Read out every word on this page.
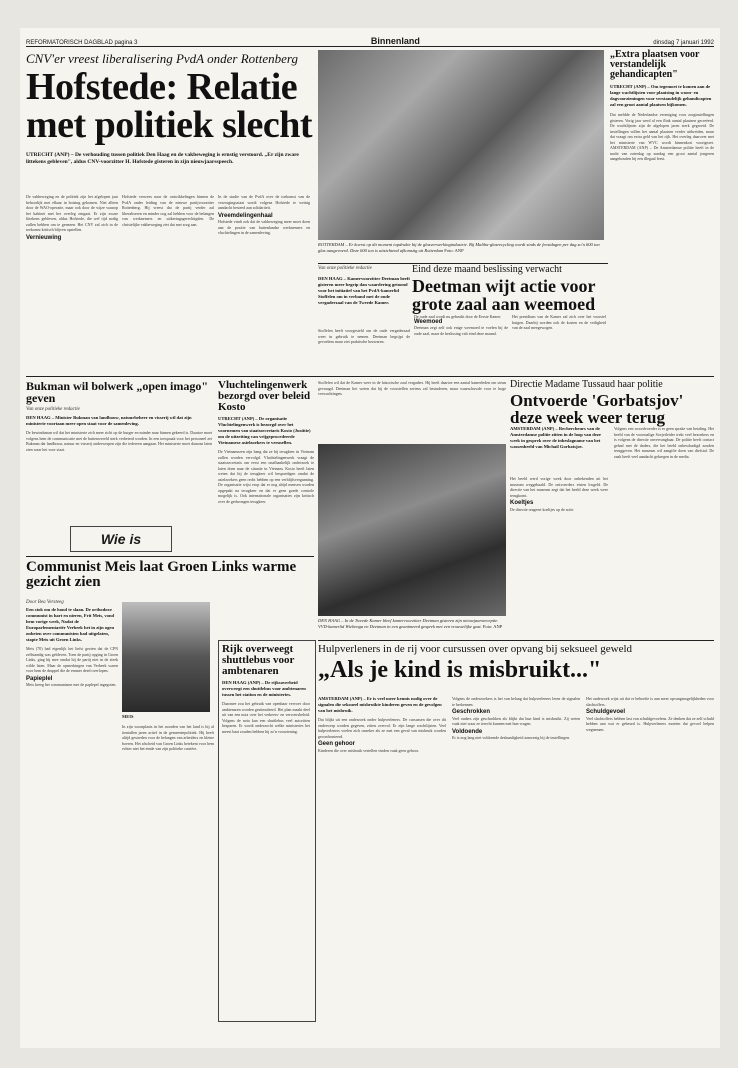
REFORMATORISCH DAGBLAD pagina 3	Binnenland	dinsdag 7 januari 1992
CNV'er vreest liberalisering PvdA onder Rottenberg
Hofstede: Relatie met politiek slecht
UTRECHT (ANP) – De verhouding tussen politiek Den Haag en de vakbeweging is ernstig verstoord. „Er zijn zware littekens gebleven", aldus CNV-voorzitter H. Hofstede gisteren in zijn nieuwjaarsspeech.
De vakbeweging en de politiek zijn het afgelopen jaar behoorlijk met elkaar in botsing gekomen. Niet alleen door de WAO-operatie, maar ook door de wijze waarop het kabinet met het overleg omgaat. Er zijn zware littekens gebleven, aldus Hofstede, die wel tijd nodig zullen hebben om te genezen. Het CNV zal zich in de toekomst kritisch blijven opstellen.
Vernieuwing
Hofstede verwees naar de ontwikkelingen binnen de PvdA onder leiding van de nieuwe partijvoorzitter Rottenberg. Hij vreest dat de partij verder zal liberaliseren en minder oog zal hebben voor de belangen van werknemers en uitkeringsgerechtigden. De christelijke vakbeweging ziet dat met zorg aan.
In de studie van de PvdA over de toekomst van de verzorgingsstaat wordt volgens Hofstede te weinig aandacht besteed aan solidariteit.
Vreemdelingenhaal
Hofstede vindt ook dat de vakbeweging meer moet doen aan de positie van buitenlandse werknemers en vluchtelingen in de samenleving.
ROTTERDAM – Er koerst op dit moment topdrukte bij de glasverwerkingindustrie. Bij Maltha-glasrecycling wordt sinds de feestdagen per dag zo'n 600 ton glas aangevoerd. Deze 600 ton is uitzichtend afkomstig uit Rotterdam Foto: ANP
„Extra plaatsen voor verstandelijk gehandicapten"
UTRECHT (ANP) – Om tegemoet te komen aan de lange wachtlijsten voor plaatsing in woon- en dagvoorzieningen voor verstandelijk gehandicapten zal een groot aantal plaatsen bijkomen.
Dat meldde de Nederlandse vereniging voor zorginstellingen gisteren. Vorig jaar werd al een flink aantal plaatsen gecreëerd. De wachtlijsten zijn de afgelopen jaren sterk gegroeid. De instellingen willen het aantal plaatsen verder uitbreiden, maar dat vraagt om extra geld van het rijk. Het overleg daarover met het ministerie van WVC wordt binnenkort voortgezet. AMSTERDAM (ANP) – De Amsterdamse politie heeft in de nacht van zaterdag op zondag een groot aantal jongeren aangehouden bij een illegaal feest.
Van onze politieke redactie	Eind deze maand beslissing verwacht
Deetman wijt actie voor grote zaal aan weemoed
DEN HAAG – Kamervoorzitter Deetman heeft gisteren meer begrip dan waardering getoond voor het initiatief van het PvdA-kamerlid Stoffelen om in verband met de oude vergaderzaal van de Tweede Kamer.
Stoffelen heeft voorgesteld om de oude vergaderzaal weer in gebruik te nemen. Deetman begrijpt de gevoelens maar ziet praktische bezwaren.
De oude zaal wordt nu gebruikt door de Eerste Kamer.
Weemoed
Deetman zegt zelf ook enige weemoed te voelen bij de oude zaal, maar de beslissing valt eind deze maand.
Het presidium van de Kamer zal zich over het voorstel buigen. Daarbij worden ook de kosten en de veiligheid van de zaal meegewogen.
Bukman wil bolwerk „open imago" geven
Van onze politieke redactie
DEN HAAG – Minister Bukman van landbouw, natuurbeheer en visserij wil dat zijn ministerie voortaan meer open staat voor de samenleving.
De bewindsman wil dat het ministerie zich meer richt op de burger en minder naar binnen gekeerd is. Daartoe moet volgens hem de communicatie met de buitenwereld sterk verbeterd worden. In een toespraak voor het personeel zei Bukman dat landbouw, natuur en visserij onderwerpen zijn die iedereen aangaan. Het ministerie moet daarom laten zien waar het voor staat.
Vluchtelingenwerk bezorgd over beleid Kosto
UTRECHT (ANP) – De organisatie Vluchtelingenwerk is bezorgd over het voornemen van staatssecretaris Kosto (Justitie) om de uitzetting van vrijgeprocedeerde Vietnamese asielzoekers te versnellen.
De Vietnamezen zijn bang dat ze bij terugkeer in Vietnam zullen worden vervolgd. Vluchtelingenwerk vraagt de staatssecretaris om eerst een onafhankelijk onderzoek te laten doen naar de situatie in Vietnam. Kosto heeft laten weten dat hij de terugkeer wil bespoedigen omdat de asielzoekers geen recht hebben op een verblijfsvergunning. De organisatie wijst erop dat er nog altijd mensen worden opgepakt na terugkeer en dat er geen goede controle mogelijk is. Ook internationale organisaties zijn kritisch over de gedwongen terugkeer.
DEN HAAG – In de Tweede Kamer bleef kamervoorzitter Deetman gisteren zijn nieuwjaarsreceptie. VVD-kamerlid Wiebenga en Deetman in een geanimeerd gesprek met een vrouwelijke gast. Foto: ANP
Stoffelen wil dat de Kamer weer in de historische zaal vergadert. Hij heeft daartoe een aantal kamerleden om steun gevraagd. Deetman liet weten dat hij de voorstellen serieus zal bestuderen, maar waarschuwde voor te hoge verwachtingen.
Directie Madame Tussaud haar politie
Ontvoerde 'Gorbatsjov' deze week weer terug
AMSTERDAM (ANP) – Rechercheurs van de Amsterdamse politie zitten in de loop van deze week in gesprek over de inbeslagname van het wassenbeeld van Michail Gorbatsjov.
Het beeld werd vorige week door onbekenden uit het museum weggehaald. De ontvoerders eisten losgeld. De directie van het museum zegt dat het beeld deze week weer terugkomt.
Koeltjes
De directie reageert koeltjes op de actie.
Volgens een woordvoerder is er geen sprake van betaling. Het beeld van de voormalige Sovjetleider trekt veel bezoekers en is volgens de directie onvervangbaar. De politie heeft contact gehad met de daders, die het beeld onbeschadigd zouden teruggeven. Het museum wil aangifte doen van diefstal. De zaak heeft veel aandacht gekregen in de media.
Wie is
Communist Meis laat Groen Links warme gezicht zien
Door Bea Versteeg
Een stok om de hond te slaan. De orthodoxe communist in hart en nieren, Frit Meis, vond hem vorige week, Nadat de Europarlementariër Verbeek het in zijn ogen onbeten over communisten had uitgelaten, stapte Meis uit Groen Links.
Meis (70) had eigenlijk het liefst gezien dat de CPN zelfstandig was gebleven. Toen de partij opging in Groen Links, ging hij mee omdat hij de partij niet in de steek wilde laten. Maar de opmerkingen van Verbeek waren voor hem de druppel die de emmer deed overlopen.
Papieplel
Meis kreeg het communisme met de paplepel ingegoten.
MEIS
In zijn woonplaats in het noorden van het land is hij al tientallen jaren actief in de gemeentepolitiek. Hij heeft altijd gestreden voor de belangen van arbeiders en kleine boeren. Het afscheid van Groen Links betekent voor hem echter niet het einde van zijn politieke carrière.
Rijk overweegt shuttlebus voor ambtenaren
DEN HAAG (ANP) – De rijksoverheid overweegt een shuttlebus voor ambtenaren tussen het station en de ministeries.
Daarmee zou het gebruik van openbaar vervoer door ambtenaren worden gestimuleerd. Het plan maakt deel uit van een nota over het verkeers- en vervoersbeleid. Volgens de nota kan een shuttlebus veel autoritten besparen. Er wordt onderzocht welke ministeries het meest baat zouden hebben bij zo'n voorziening.
Hulpverleners in de rij voor cursussen over opvang bij seksueel geweld
„Als je kind is misbruikt..."
AMSTERDAM (ANP) – Er is veel meer kennis nodig over de signalen die seksueel misbruikte kinderen geven en de gevolgen van het misbruik.
Dat blijkt uit een onderzoek onder hulpverleners. De cursussen die over dit onderwerp worden gegeven, zitten overvol. Er zijn lange wachtlijsten. Veel hulpverleners voelen zich onzeker als ze met een geval van misbruik worden geconfronteerd.
Geen gehoor
Kinderen die over misbruik vertellen vinden vaak geen gehoor.
Volgens de onderzoekers is het van belang dat hulpverleners leren de signalen te herkennen.
Geschrokken
Veel ouders zijn geschrokken als blijkt dat hun kind is misbruikt. Zij weten vaak niet waar ze terecht kunnen met hun vragen.
Voldoende
Er is nog lang niet voldoende deskundigheid aanwezig bij de instellingen.
Het onderzoek wijst uit dat er behoefte is aan meer opvangmogelijkheden voor slachtoffers.
Schuldgevoel
Veel slachtoffers hebben last van schuldgevoelens. Ze denken dat ze zelf schuld hebben aan wat er gebeurd is. Hulpverleners moeten dat gevoel helpen wegnemen.
